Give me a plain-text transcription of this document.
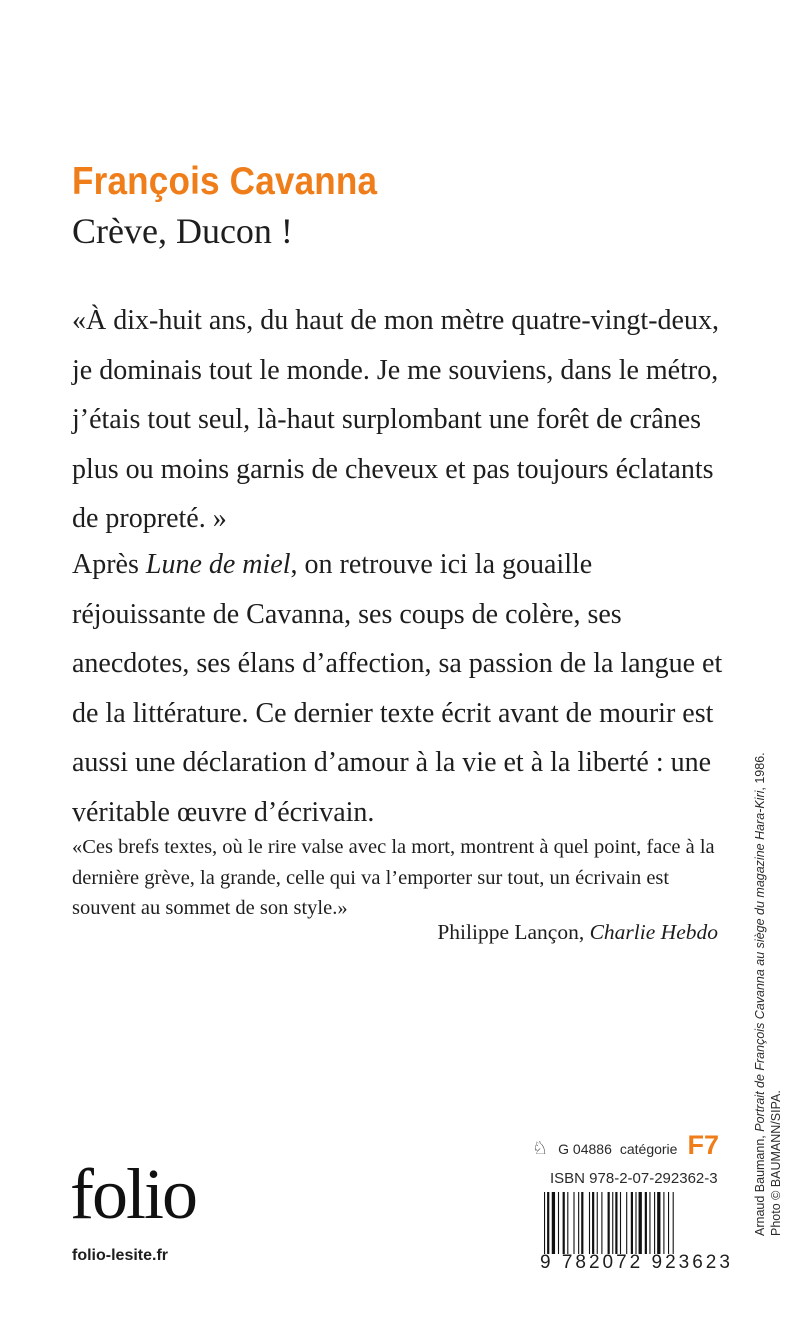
François Cavanna
Crève, Ducon !

«À dix-huit ans, du haut de mon mètre quatre-vingt-deux, je dominais tout le monde. Je me souviens, dans le métro, j’étais tout seul, là-haut surplombant une forêt de crânes plus ou moins garnis de cheveux et pas toujours éclatants de propreté. »

Après Lune de miel, on retrouve ici la gouaille réjouissante de Cavanna, ses coups de colère, ses anecdotes, ses élans d’affection, sa passion de la langue et de la littérature. Ce dernier texte écrit avant de mourir est aussi une déclaration d’amour à la vie et à la liberté : une véritable œuvre d’écrivain.

«Ces brefs textes, où le rire valse avec la mort, montrent à quel point, face à la dernière grève, la grande, celle qui va l’emporter sur tout, un écrivain est souvent au sommet de son style.»

Philippe Lançon, Charlie Hebdo
Arnaud Baumann, Portrait de François Cavanna au siège du magazine Hara-Kiri, 1986.
Photo © BAUMANN/SIPA.
♘ G 04886 catégorie F7
ISBN 978-2-07-292362-3
9 782072 923623
folio
folio-lesite.fr
